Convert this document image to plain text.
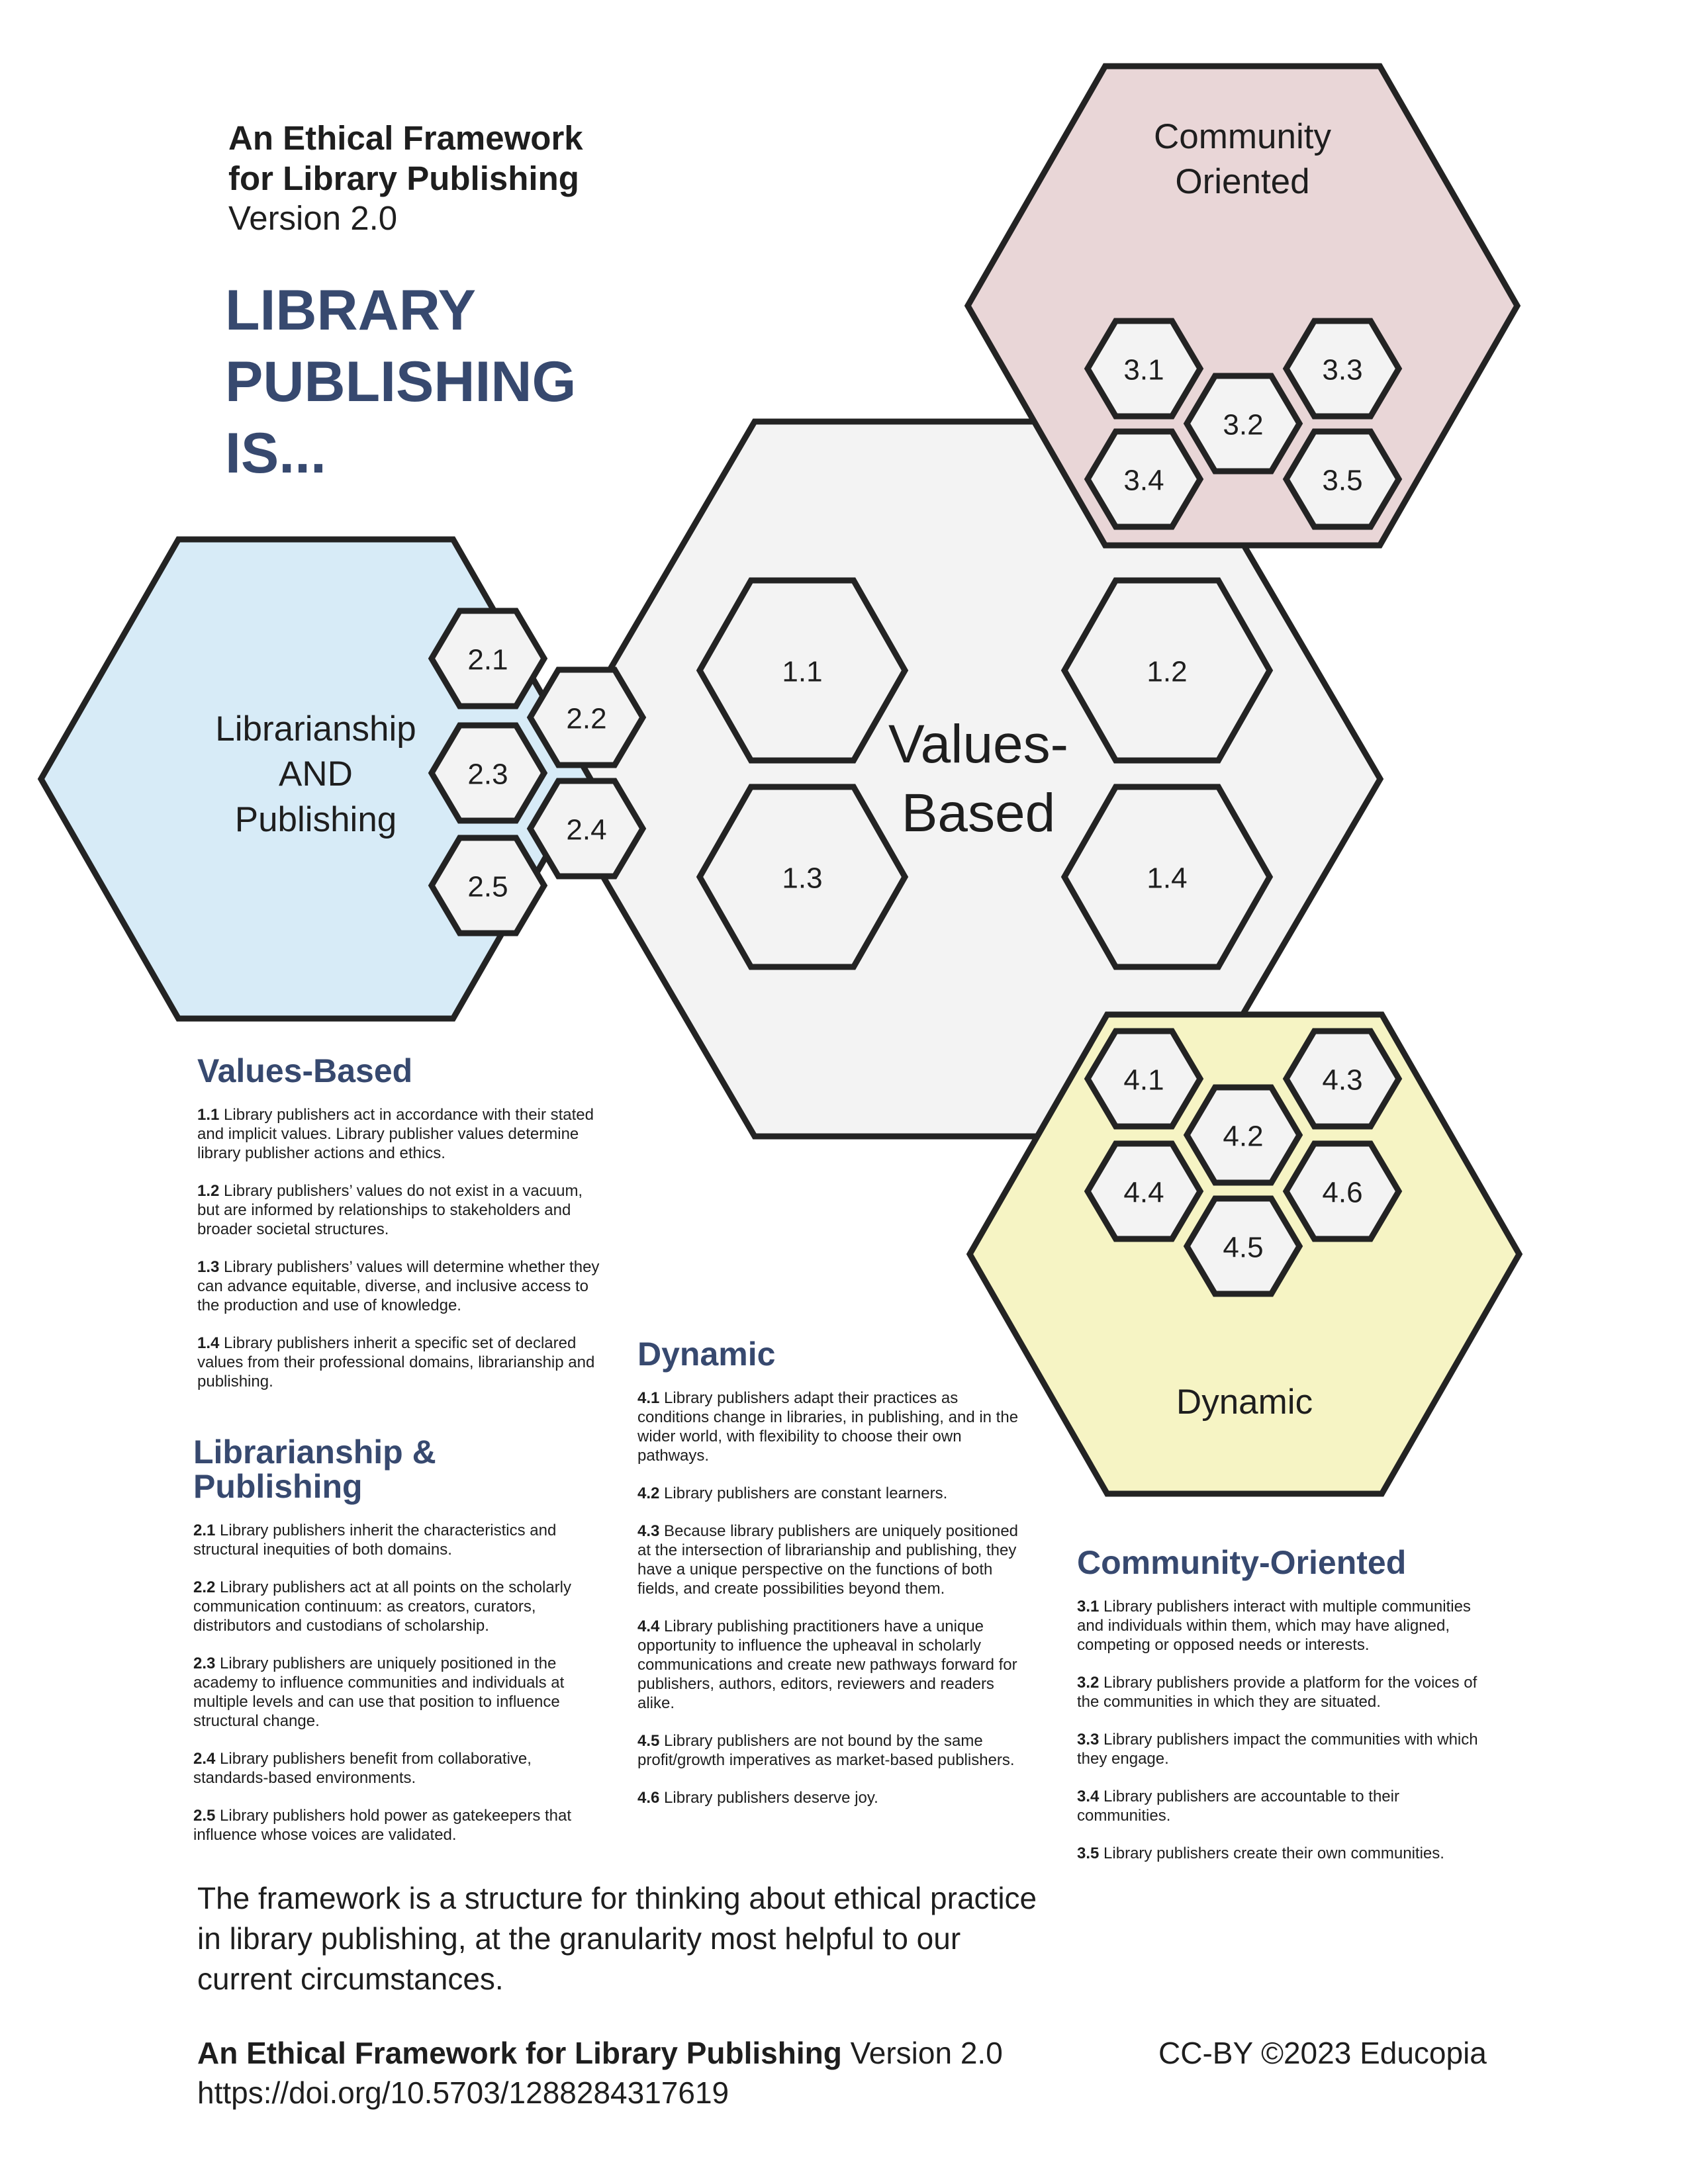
1.1	1.2
1.3	1.4
2.1
2.2
2.3
2.4
2.5
3.1
3.2
3.3
3.4	3.5
4.1
4.2
4.3
4.4
4.5
4.6
Values-
Based
Librarianship
AND
Publishing
Community
Oriented
Dynamic
An Ethical Framework
for Library Publishing
Version 2.0
LIBRARY
PUBLISHING
IS...
Values-Based

1.1 Library publishers act in accordance with their stated and implicit values. Library publisher values determine library publisher actions and ethics.

1.2 Library publishers’ values do not exist in a vacuum, but are informed by relationships to stakeholders and broader societal structures.

1.3 Library publishers’ values will determine whether they can advance equitable, diverse, and inclusive access to the production and use of knowledge.

1.4 Library publishers inherit a specific set of declared values from their professional domains, librarianship and publishing.

Librarianship &
Publishing

2.1 Library publishers inherit the characteristics and structural inequities of both domains.

2.2 Library publishers act at all points on the scholarly communication continuum: as creators, curators, distributors and custodians of scholarship.

2.3 Library publishers are uniquely positioned in the academy to influence communities and individuals at multiple levels and can use that position to influence structural change.

2.4 Library publishers benefit from collaborative, standards-based environments.

2.5 Library publishers hold power as gatekeepers that influence whose voices are validated.

Dynamic

4.1 Library publishers adapt their practices as conditions change in libraries, in publishing, and in the wider world, with flexibility to choose their own pathways.

4.2 Library publishers are constant learners.

4.3 Because library publishers are uniquely positioned at the intersection of librarianship and publishing, they have a unique perspective on the functions of both fields, and create possibilities beyond them.

4.4 Library publishing practitioners have a unique opportunity to influence the upheaval in scholarly communications and create new pathways forward for publishers, authors, editors, reviewers and readers alike.

4.5 Library publishers are not bound by the same profit/growth imperatives as market-based publishers.

4.6 Library publishers deserve joy.

Community-Oriented

3.1 Library publishers interact with multiple communities and individuals within them, which may have aligned, competing or opposed needs or interests.

3.2 Library publishers provide a platform for the voices of the communities in which they are situated.

3.3 Library publishers impact the communities with which they engage.

3.4 Library publishers are accountable to their communities.

3.5 Library publishers create their own communities.

The framework is a structure for thinking about ethical practice in library publishing, at the granularity most helpful to our current circumstances.
An Ethical Framework for Library Publishing Version 2.0	CC-BY ©2023 Educopia
https://doi.org/10.5703/1288284317619
